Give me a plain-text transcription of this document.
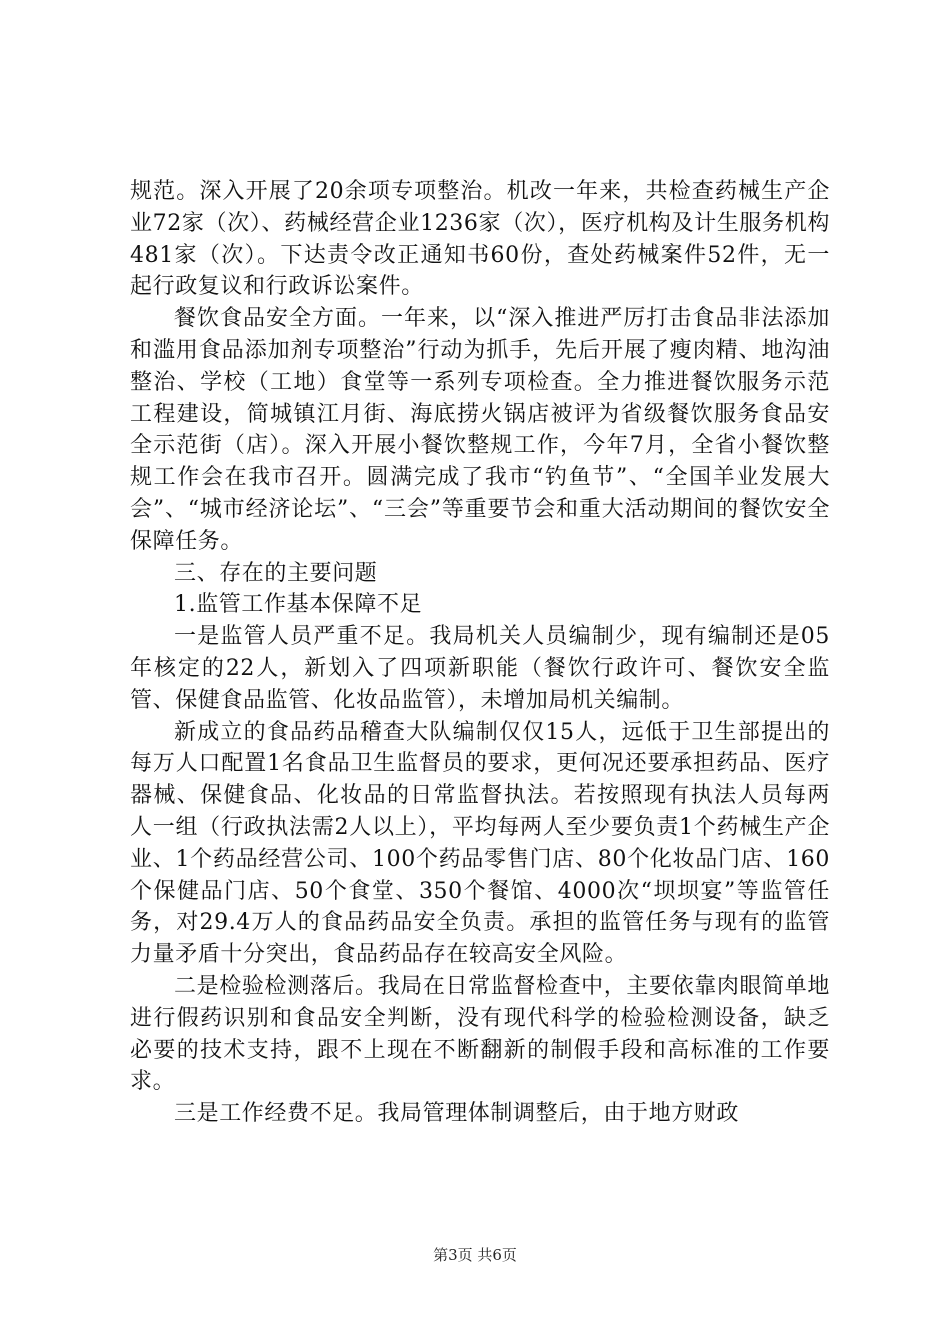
规范。深入开展了20余项专项整治。机改一年来，共检查药械生产企业72家（次）、药械经营企业1236家（次），医疗机构及计生服务机构481家（次）。下达责令改正通知书60份，查处药械案件52件，无一起行政复议和行政诉讼案件。

餐饮食品安全方面。一年来，以“深入推进严厉打击食品非法添加和滥用食品添加剂专项整治”行动为抓手，先后开展了瘦肉精、地沟油整治、学校（工地）食堂等一系列专项检查。全力推进餐饮服务示范工程建设，简城镇江月街、海底捞火锅店被评为省级餐饮服务食品安全示范街（店）。深入开展小餐饮整规工作，今年7月，全省小餐饮整规工作会在我市召开。圆满完成了我市“钓鱼节”、“全国羊业发展大会”、“城市经济论坛”、“三会”等重要节会和重大活动期间的餐饮安全保障任务。

三、存在的主要问题

1.监管工作基本保障不足

一是监管人员严重不足。我局机关人员编制少，现有编制还是05年核定的22人，新划入了四项新职能（餐饮行政许可、餐饮安全监管、保健食品监管、化妆品监管），未增加局机关编制。

新成立的食品药品稽查大队编制仅仅15人，远低于卫生部提出的每万人口配置1名食品卫生监督员的要求，更何况还要承担药品、医疗器械、保健食品、化妆品的日常监督执法。若按照现有执法人员每两人一组（行政执法需2人以上），平均每两人至少要负责1个药械生产企业、1个药品经营公司、100个药品零售门店、80个化妆品门店、160个保健品门店、50个食堂、350个餐馆、4000次“坝坝宴”等监管任务，对29.4万人的食品药品安全负责。承担的监管任务与现有的监管力量矛盾十分突出，食品药品存在较高安全风险。

二是检验检测落后。我局在日常监督检查中，主要依靠肉眼简单地进行假药识别和食品安全判断，没有现代科学的检验检测设备，缺乏必要的技术支持，跟不上现在不断翻新的制假手段和高标准的工作要求。

三是工作经费不足。我局管理体制调整后，由于地方财政

第3页 共6页
